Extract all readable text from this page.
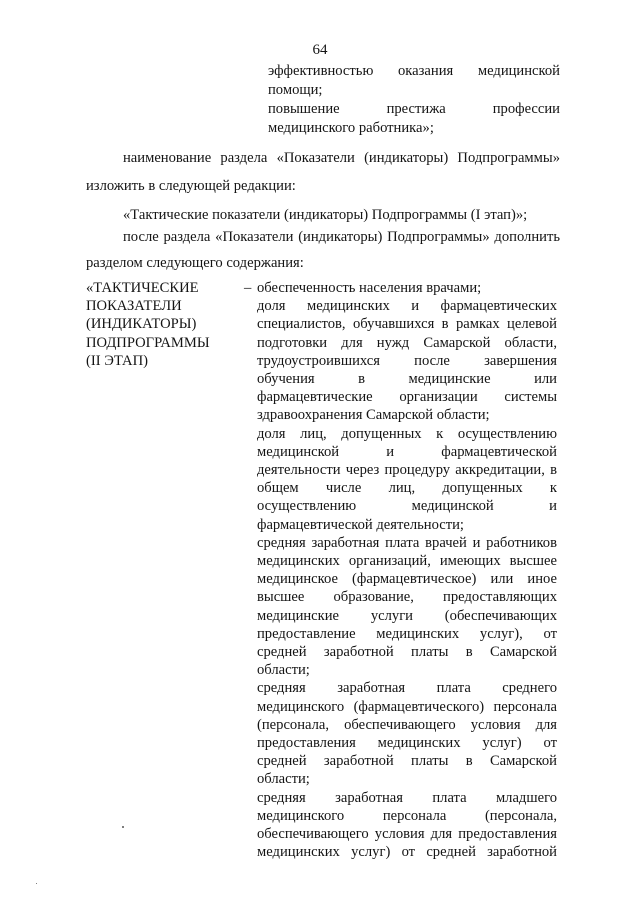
64
эффективностью оказания медицинской
помощи;
повышение престижа профессии
медицинского работника»;
наименование раздела «Показатели (индикаторы) Подпрограммы»
изложить в следующей редакции:
«Тактические показатели (индикаторы) Подпрограммы (I этап)»;
после раздела «Показатели (индикаторы) Подпрограммы» дополнить
разделом следующего содержания:
«ТАКТИЧЕСКИЕ
ПОКАЗАТЕЛИ
(ИНДИКАТОРЫ)
ПОДПРОГРАММЫ
(II ЭТАП)
– обеспеченность населения врачами;
доля медицинских и фармацевтических
специалистов, обучавшихся в рамках целевой
подготовки для нужд Самарской области,
трудоустроившихся после завершения
обучения в медицинские или
фармацевтические организации системы
здравоохранения Самарской области;
доля лиц, допущенных к осуществлению
медицинской и фармацевтической
деятельности через процедуру аккредитации, в
общем числе лиц, допущенных к
осуществлению медицинской и
фармацевтической деятельности;
средняя заработная плата врачей и работников
медицинских организаций, имеющих высшее
медицинское (фармацевтическое) или иное
высшее образование, предоставляющих
медицинские услуги (обеспечивающих
предоставление медицинских услуг), от
средней заработной платы в Самарской
области;
средняя заработная плата среднего
медицинского (фармацевтического) персонала
(персонала, обеспечивающего условия для
предоставления медицинских услуг) от
средней заработной платы в Самарской
области;
средняя заработная плата младшего
медицинского персонала (персонала,
обеспечивающего условия для предоставления
медицинских услуг) от средней заработной
